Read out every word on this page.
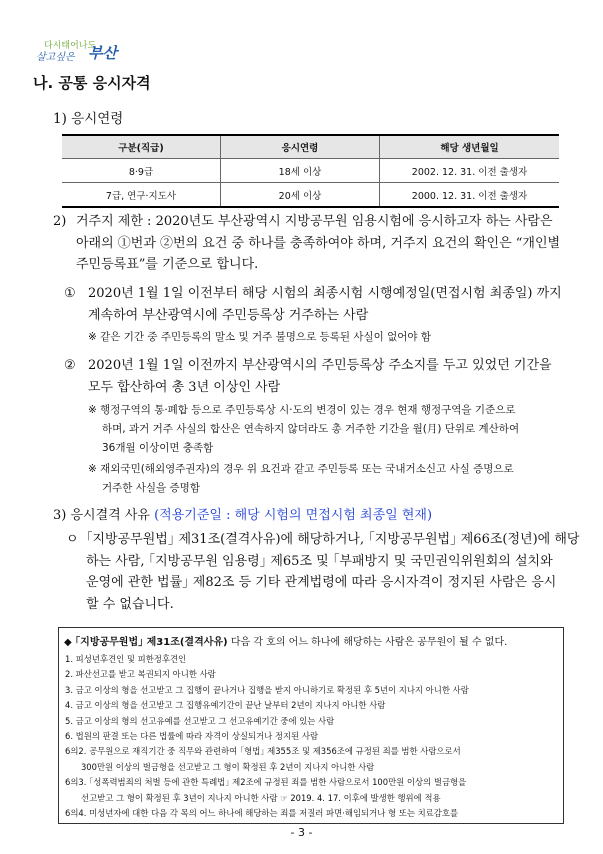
다시태어나도
살고싶은 부산
나. 공통 응시자격
1) 응시연령
구분(직급)	응시연령	해당 생년월일
8·9급	18세 이상	2002. 12. 31. 이전 출생자
7급, 연구·지도사	20세 이상	2000. 12. 31. 이전 출생자
2) 거주지 제한 : 2020년도 부산광역시 지방공무원 임용시험에 응시하고자 하는 사람은
아래의 ①번과 ②번의 요건 중 하나를 충족하여야 하며, 거주지 요건의 확인은 “개인별
주민등록표”를 기준으로 합니다.
① 2020년 1월 1일 이전부터 해당 시험의 최종시험 시행예정일(면접시험 최종일) 까지
계속하여 부산광역시에 주민등록상 거주하는 사람
※ 같은 기간 중 주민등록의 말소 및 거주 불명으로 등록된 사실이 없어야 함
② 2020년 1월 1일 이전까지 부산광역시의 주민등록상 주소지를 두고 있었던 기간을
모두 합산하여 총 3년 이상인 사람
※ 행정구역의 통·폐합 등으로 주민등록상 시·도의 변경이 있는 경우 현재 행정구역을 기준으로
하며, 과거 거주 사실의 합산은 연속하지 않더라도 총 거주한 기간을 월(月) 단위로 계산하여
36개월 이상이면 충족함
※ 재외국민(해외영주권자)의 경우 위 요건과 같고 주민등록 또는 국내거소신고 사실 증명으로
거주한 사실을 증명함
3) 응시결격 사유 (적용기준일 : 해당 시험의 면접시험 최종일 현재)
ㅇ ｢지방공무원법｣ 제31조(결격사유)에 해당하거나, ｢지방공무원법｣ 제66조(정년)에 해당
하는 사람, ｢지방공무원 임용령｣ 제65조 및 ｢부패방지 및 국민권익위원회의 설치와
운영에 관한 법률｣ 제82조 등 기타 관계법령에 따라 응시자격이 정지된 사람은 응시
할 수 없습니다.
◆ ｢지방공무원법｣ 제31조(결격사유) 다음 각 호의 어느 하나에 해당하는 사람은 공무원이 될 수 없다.
1. 피성년후견인 및 피한정후견인
2. 파산선고를 받고 복권되지 아니한 사람
3. 금고 이상의 형을 선고받고 그 집행이 끝나거나 집행을 받지 아니하기로 확정된 후 5년이 지나지 아니한 사람
4. 금고 이상의 형을 선고받고 그 집행유예기간이 끝난 날부터 2년이 지나지 아니한 사람
5. 금고 이상의 형의 선고유예를 선고받고 그 선고유예기간 중에 있는 사람
6. 법원의 판결 또는 다른 법률에 따라 자격이 상실되거나 정지된 사람
6의2. 공무원으로 재직기간 중 직무와 관련하여 ｢형법｣ 제355조 및 제356조에 규정된 죄를 범한 사람으로서
300만원 이상의 벌금형을 선고받고 그 형이 확정된 후 2년이 지나지 아니한 사람
6의3. ｢성폭력범죄의 처벌 등에 관한 특례법｣ 제2조에 규정된 죄를 범한 사람으로서 100만원 이상의 벌금형을
선고받고 그 형이 확정된 후 3년이 지나지 아니한 사람 ☞ 2019. 4. 17. 이후에 발생한 행위에 적용
6의4. 미성년자에 대한 다음 각 목의 어느 하나에 해당하는 죄를 저질러 파면·해임되거나 형 또는 치료감호를
- 3 -
